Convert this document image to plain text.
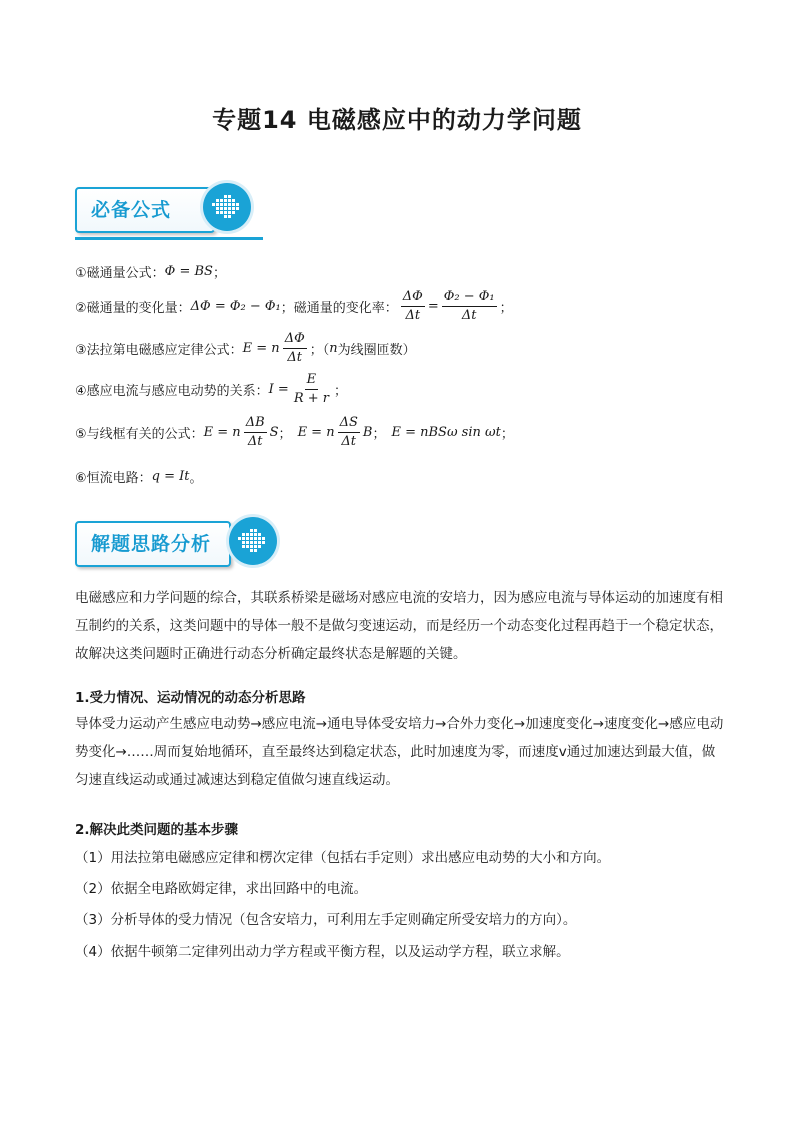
专题14 电磁感应中的动力学问题
必备公式
①磁通量公式： Φ = BS ；
②磁通量的变化量： ΔΦ = Φ₂ − Φ₁ ；磁通量的变化率： $\frac{\Delta\Phi}{\Delta t} = \frac{\text{Φ₂ − Φ₁}}{\Delta t}$ ；
③法拉第电磁感应定律公式： E = n $\frac{\Delta\Phi}{\Delta t}$ ；（ n 为线圈匝数）
④感应电流与感应电动势的关系： $I = \frac{E}{R + r}$ ；
⑤与线框有关的公式： E = n $\frac{\Delta B}{\Delta t}$ S ； E = n $\frac{\Delta S}{\Delta t}$ B ； E = nBSω sin ωt ；
⑥恒流电路： q = It 。
解题思路分析
电磁感应和力学问题的综合，其联系桥梁是磁场对感应电流的安培力，因为感应电流与导体运动的加速度有相互制约的关系，这类问题中的导体一般不是做匀变速运动，而是经历一个动态变化过程再趋于一个稳定状态，故解决这类问题时正确进行动态分析确定最终状态是解题的关键。
1.受力情况、运动情况的动态分析思路
导体受力运动产生感应电动势→感应电流→通电导体受安培力→合外力变化→加速度变化→速度变化→感应电动势变化→……周而复始地循环，直至最终达到稳定状态，此时加速度为零，而速度v通过加速达到最大值，做匀速直线运动或通过减速达到稳定值做匀速直线运动。
2.解决此类问题的基本步骤
（1）用法拉第电磁感应定律和楞次定律（包括右手定则）求出感应电动势的大小和方向。
（2）依据全电路欧姆定律，求出回路中的电流。
（3）分析导体的受力情况（包含安培力，可利用左手定则确定所受安培力的方向）。
（4）依据牛顿第二定律列出动力学方程或平衡方程，以及运动学方程，联立求解。
